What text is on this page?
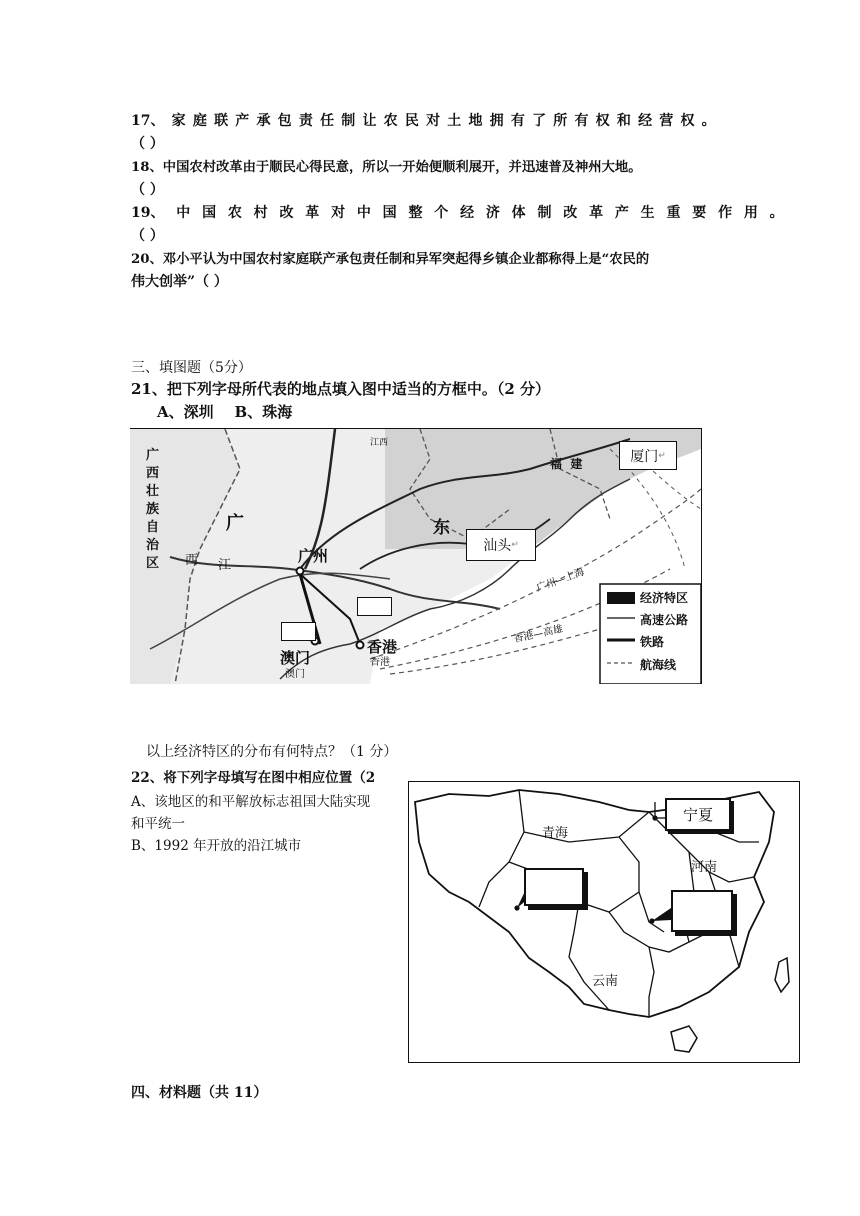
17、家庭联产承包责任制让农民对土地拥有了所有权和经营权。
（ ）
18、中国农村改革由于顺民心得民意，所以一开始便顺利展开，并迅速普及神州大地。
（ ）
19、中国农村改革对中国整个经济体制改革产生重要作用。
（ ）
20、邓小平认为中国农村家庭联产承包责任制和异军突起得乡镇企业都称得上是“农民的
伟大创举”（ ）
三、填图题（5分）
21、把下列字母所代表的地点填入图中适当的方框中。（2 分）
A、深圳    B、珠海
广
西
壮
族
自
治
区 西 江
江西
广	东
福  建
广州
澳门
澳门
香港
香港
广州—上海
香港—高雄
厦门 ↵
汕头 ↵
经济特区
高速公路
铁路
航海线
以上经济特区的分布有何特点？（1 分）
22、将下列字母填写在图中相应位置（2
A、该地区的和平解放标志祖国大陆实现
和平统一
B、1992 年开放的沿江城市
宁夏
青海
河南
云南
四、材料题（共 11）
